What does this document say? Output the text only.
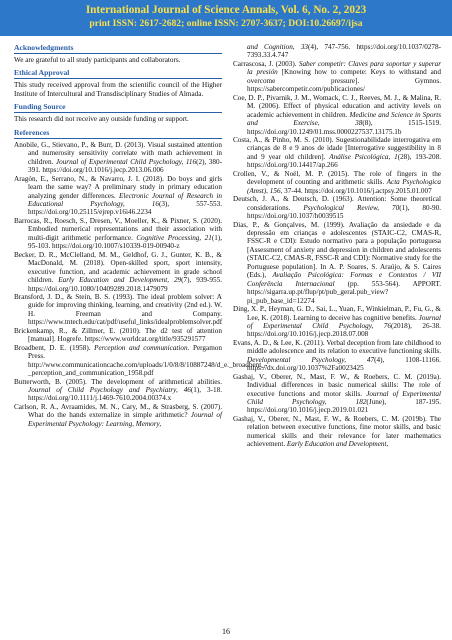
International Journal of Science Annals, Vol. 6, No. 2, 2023
print ISSN: 2617-2682; online ISSN: 2707-3637; DOI:10.26697/ijsa
Acknowledgments

We are grateful to all study participants and collaborators.

Ethical Approval

This study received approval from the scientific council of the Higher Institute of Intercultural and Transdisciplinary Studies of Almada.

Funding Source

This research did not receive any outside funding or support.

References

Anobile, G., Stievano, P., & Burr, D. (2013). Visual sustained attention and numerosity sensitivity correlate with math achievement in children. Journal of Experimental Child Psychology, 116(2), 380-391. https://doi.org/10.1016/j.jecp.2013.06.006

Aragón, E., Serrano, N., & Navarro, J. I. (2018). Do boys and girls learn the same way? A preliminary study in primary education analyzing gender differences. Electronic Journal of Research in Educational Psychology, 16(3), 557-553. https://doi.org/10.25115/ejrep.v16i46.2234

Barrocas, R., Roesch, S., Dresen, V., Moeller, K., & Pixner, S. (2020). Embodied numerical representations and their association with multi-digit arithmetic performance. Cognitive Processing, 21(1), 95-103. https://doi.org/10.1007/s10339-019-00940-z

Becker, D. R., McClelland, M. M., Geldhof, G. J., Gunter, K. B., & MacDonald, M. (2018). Open-skilled sport, sport intensity, executive function, and academic achievement in grade school children. Early Education and Development, 29(7), 939-955. https://doi.org/10.1080/10409289.2018.1479079

Bransford, J. D., & Stein, B. S. (1993). The ideal problem solver: A guide for improving thinking, learning, and creativity (2nd ed.). W. H. Freeman and Company. https://www.tntech.edu/cat/pdf/useful_links/idealproblemsolver.pdf

Brickenkamp, R., & Zillmer, E. (2010). The d2 test of attention [manual]. Hogrefe. https://www.worldcat.org/title/935291577

Broadbent, D. E. (1958). Perception and communication. Pergamon Press. http://www.communicationcache.com/uploads/1/0/8/8/10887248/d_e._broadbent_-_perception_and_communication_1958.pdf

Butterworth, B. (2005). The development of arithmetical abilities. Journal of Child Psychology and Psychiatry, 46(1), 3-18. https://doi.org/10.1111/j.1469-7610.2004.00374.x

Carlson, R. A., Avraamides, M. N., Cary, M., & Strasberg, S. (2007). What do the hands externalize in simple arithmetic? Journal of Experimental Psychology: Learning, Memory,

and Cognition, 33(4), 747-756. https://doi.org/10.1037/0278-7393.33.4.747

Carrascosa, J. (2003). Saber competir: Claves para soportar y superar la presión [Knowing how to compete: Keys to withstand and overcome pressure]. Gymnos. https://sabercompetir.com/publicaciones/

Coe, D. P., Pivarnik, J. M., Womack, C. J., Reeves, M. J., & Malina, R. M. (2006). Effect of physical education and activity levels on academic achievement in children. Medicine and Science in Sports and Exercise, 38(8), 1515-1519. https://doi.org/10.1249/01.mss.0000227537.13175.1b

Costa, A., & Pinho, M. S. (2010). Sugestionabilidade interrogativa em crianças de 8 e 9 anos de idade [Interrogative suggestibility in 8 and 9 year old children]. Análise Psicológica, 1(28), 193-208. https://doi.org/10.14417/ap.266

Crollen, V., & Noël, M. P. (2015). The role of fingers in the development of counting and arithmetic skills. Acta Psychologica (Amst), 156, 37-44. https://doi.org/10.1016/j.actpsy.2015.01.007

Deutsch, J. A., & Deutsch, D. (1963). Attention: Some theoretical considerations. Psychological Review, 70(1), 80-90. https://doi.org/10.1037/h0039515

Dias, P., & Gonçalves, M. (1999). Avaliação da ansiedade e da depressão em crianças e adolescentes (STAIC-C2, CMAS-R, FSSC-R e CDI): Estudo normativo para a população portuguesa [Assessment of anxiety and depression in children and adolescents (STAIC-C2, CMAS-R, FSSC-R and CDI): Normative study for the Portuguese population]. In A. P. Soares, S. Araújo, & S. Caires (Eds.), Avaliação Psicológica: Formas e Contextos / VII Conferência Internacional (pp. 553-564). APPORT. https://sigarra.up.pt/flup/pt/pub_geral.pub_view?pi_pub_base_id=12274

Ding, X. P., Heyman, G. D., Sai, L., Yuan, F., Winkielman, P., Fu, G., & Lee, K. (2018). Learning to deceive has cognitive benefits. Journal of Experimental Child Psychology, 76(2018), 26-38. https://doi.org/10.1016/j.jecp.2018.07.008

Evans, A. D., & Lee, K. (2011). Verbal deception from late childhood to middle adolescence and its relation to executive functioning skills. Developmental Psychology, 47(4), 1108-11166. https://dx.doi.org/10.1037%2Fa0023425

Gashaj, V., Oberer, N., Mast, F. W., & Roebers, C. M. (2019a). Individual differences in basic numerical skills: The role of executive functions and motor skills. Journal of Experimental Child Psychology, 182(June), 187-195. https://doi.org/10.1016/j.jecp.2019.01.021

Gashaj, V., Oberer, N., Mast, F. W., & Roebers, C. M. (2019b). The relation between executive functions, fine motor skills, and basic numerical skills and their relevance for later mathematics achievement. Early Education and Development,

16
